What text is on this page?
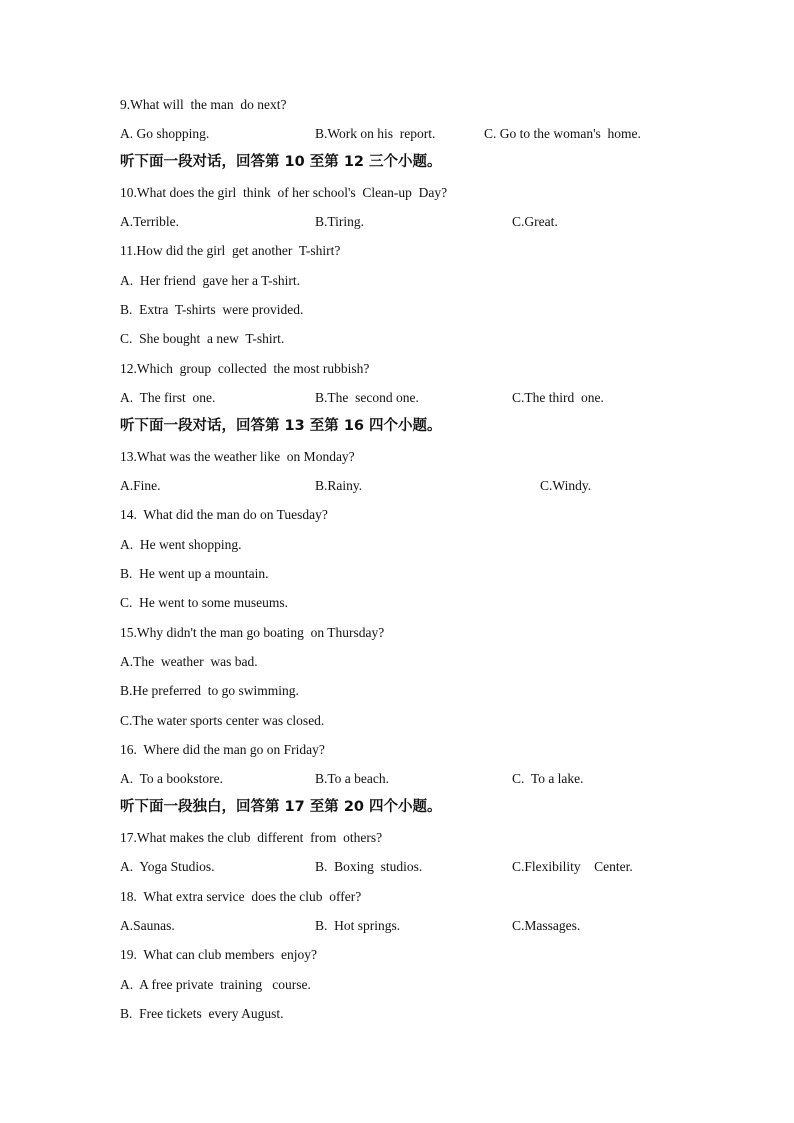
9.What will  the man  do next?
A. Go shopping.	B.Work on his  report.	C. Go to the woman's  home.
听下面一段对话，回答第 10 至第 12 三个小题。
10.What does the girl  think  of her school's  Clean-up  Day?
A.Terrible.	B.Tiring.	C.Great.
11.How did the girl  get another  T-shirt?
A.  Her friend  gave her a T-shirt.
B.  Extra  T-shirts  were provided.
C.  She bought  a new  T-shirt.
12.Which  group  collected  the most rubbish?
A.  The first  one.	B.The  second one.	C.The third  one.
听下面一段对话，回答第 13 至第 16 四个小题。
13.What was the weather like  on Monday?
A.Fine.	B.Rainy.	C.Windy.
14.  What did the man do on Tuesday?
A.  He went shopping.
B.  He went up a mountain.
C.  He went to some museums.
15.Why didn't the man go boating  on Thursday?
A.The  weather  was bad.
B.He preferred  to go swimming.
C.The water sports center was closed.
16.  Where did the man go on Friday?
A.  To a bookstore.	B.To a beach.	C.  To a lake.
听下面一段独白，回答第 17 至第 20 四个小题。
17.What makes the club  different  from  others?
A.  Yoga Studios.	B.  Boxing  studios.	C.Flexibility    Center.
18.  What extra service  does the club  offer?
A.Saunas.	B.  Hot springs.	C.Massages.
19.  What can club members  enjoy?
A.  A free private  training   course.
B.  Free tickets  every August.
